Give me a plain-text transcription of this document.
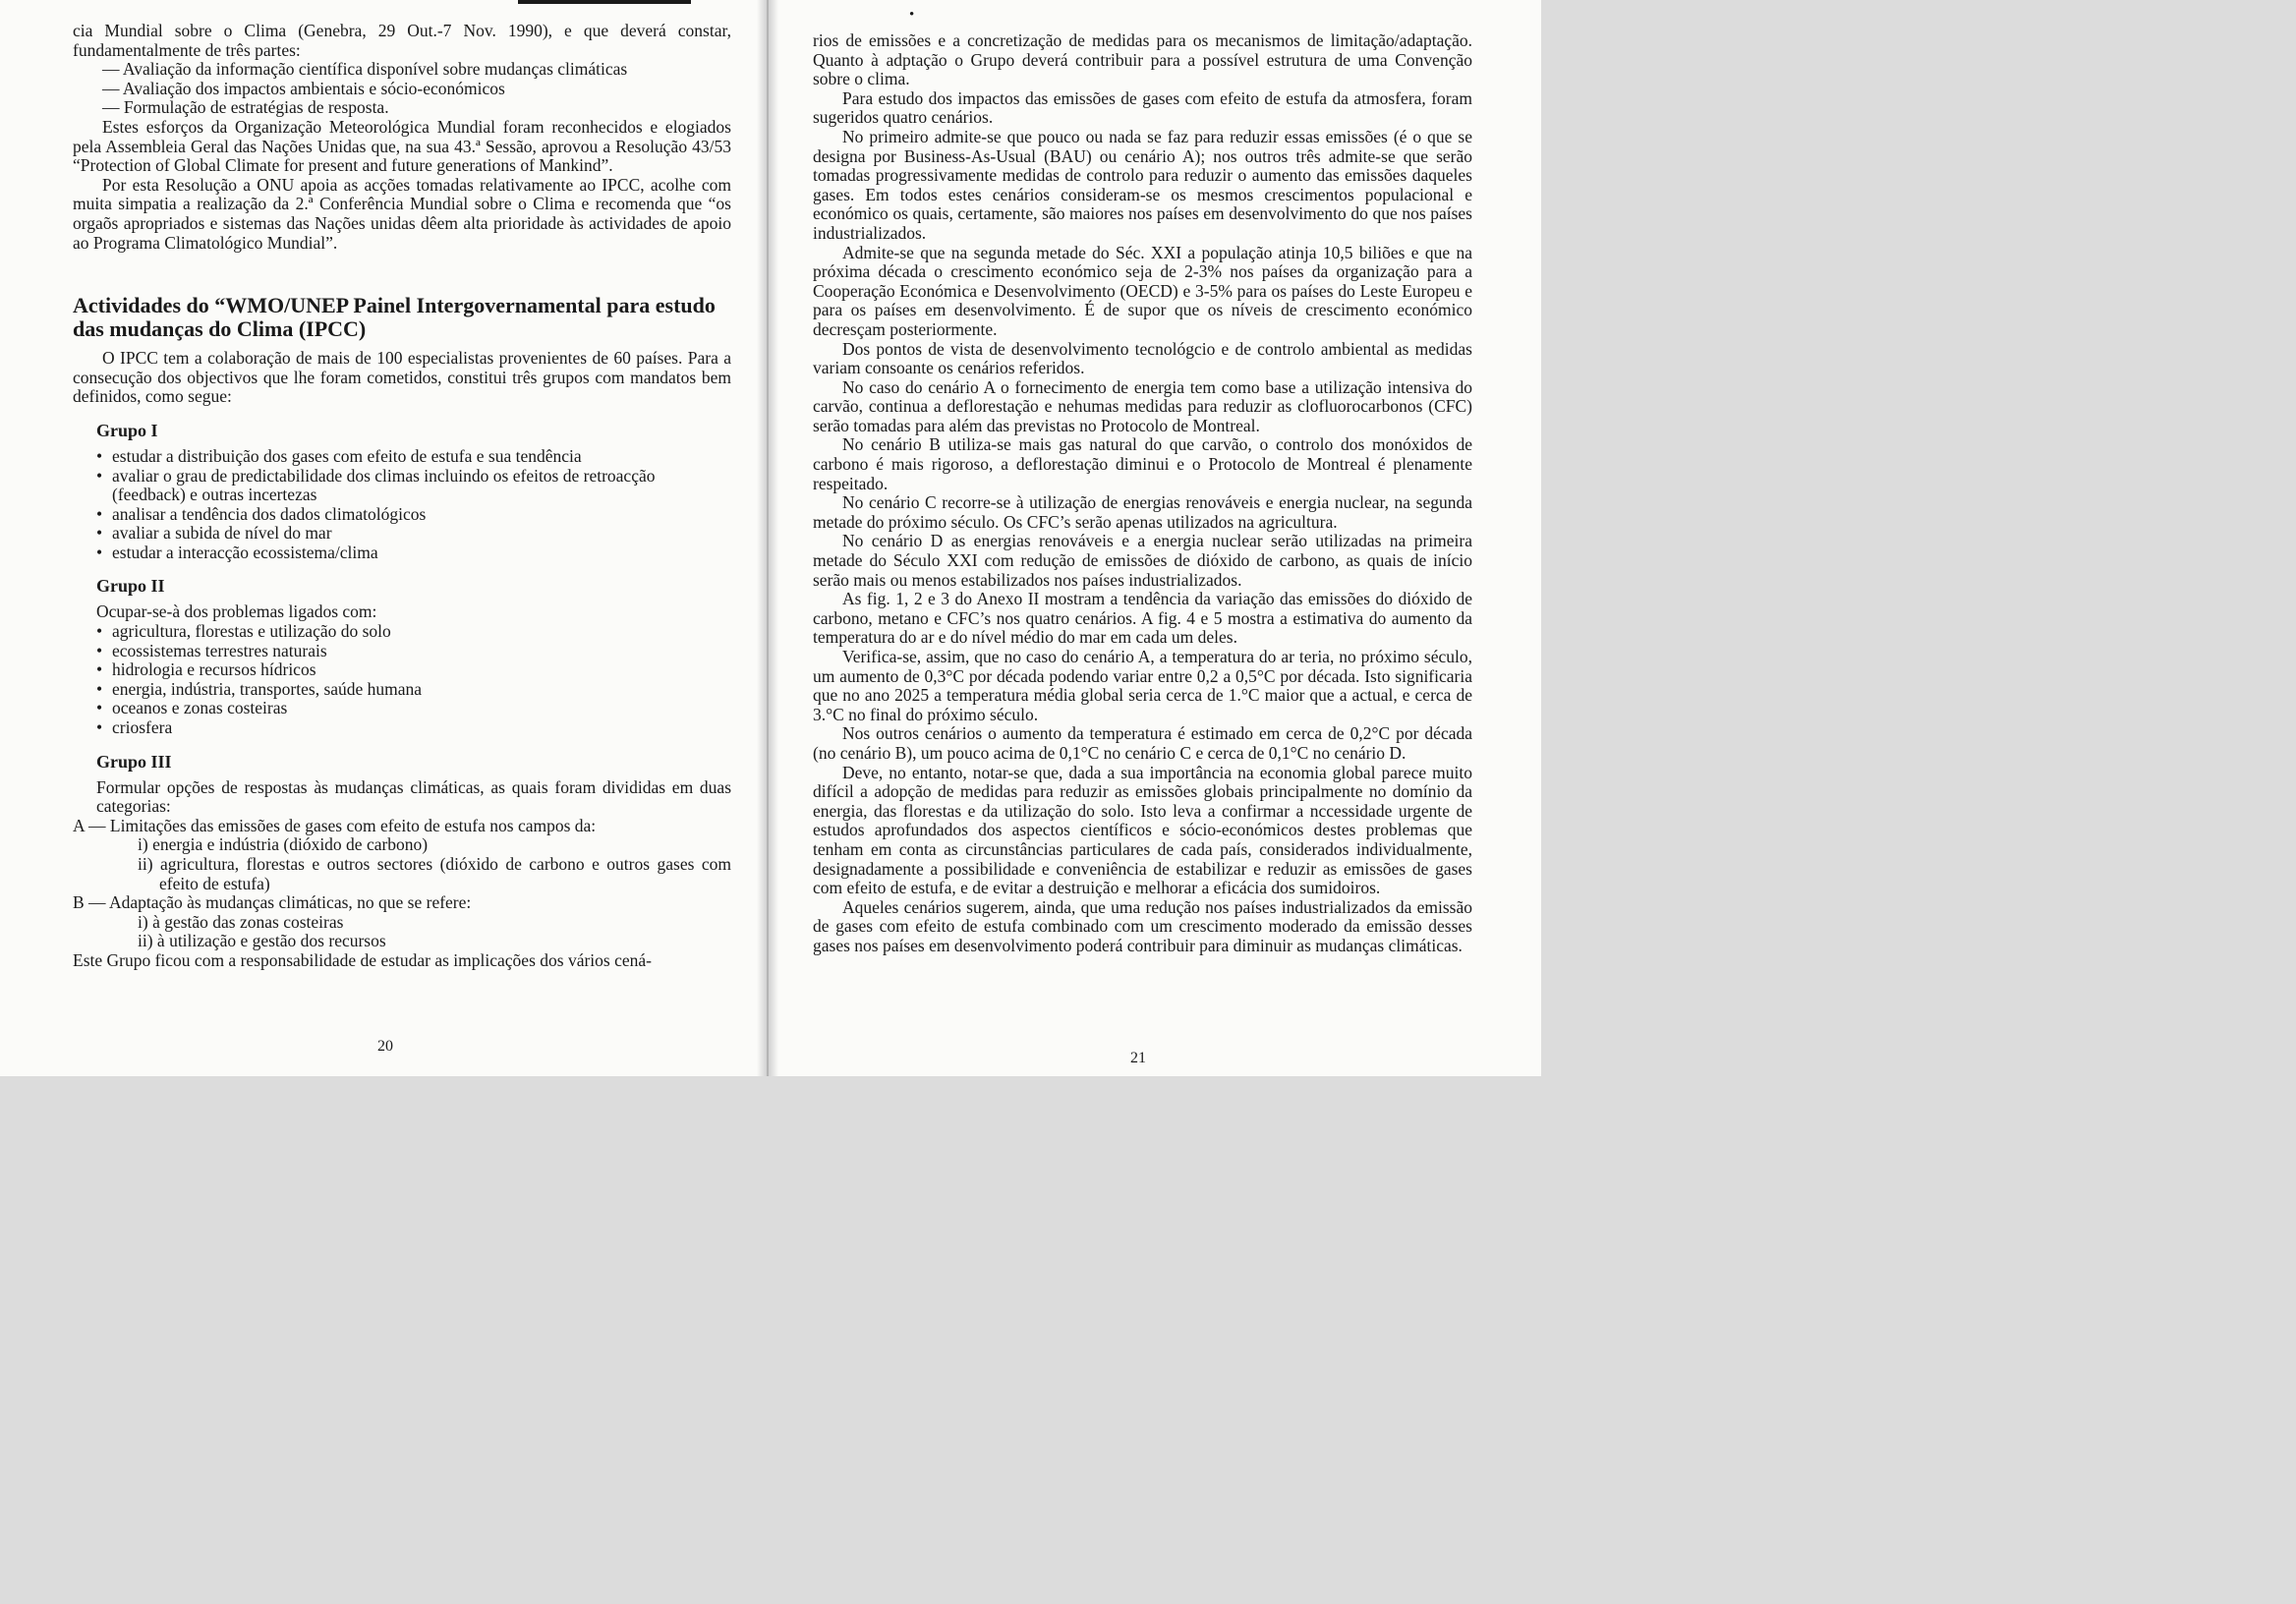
•

cia Mundial sobre o Clima (Genebra, 29 Out.-7 Nov. 1990), e que deverá constar, fundamentalmente de três partes:

— Avaliação da informação científica disponível sobre mudanças climáticas

— Avaliação dos impactos ambientais e sócio-económicos

— Formulação de estratégias de resposta.

Estes esforços da Organização Meteorológica Mundial foram reconhecidos e elogiados pela Assembleia Geral das Nações Unidas que, na sua 43.ª Sessão, aprovou a Resolução 43/53 “Protection of Global Climate for present and future generations of Mankind”.

Por esta Resolução a ONU apoia as acções tomadas relativamente ao IPCC, acolhe com muita simpatia a realização da 2.ª Conferência Mundial sobre o Clima e recomenda que “os orgaõs apropriados e sistemas das Nações unidas dêem alta prioridade às actividades de apoio ao Programa Climatológico Mundial”.

Actividades do “WMO/UNEP Painel Intergovernamental para estudo das mudanças do Clima (IPCC)

O IPCC tem a colaboração de mais de 100 especialistas provenientes de 60 países. Para a consecução dos objectivos que lhe foram cometidos, constitui três grupos com mandatos bem definidos, como segue:

Grupo I
• estudar a distribuição dos gases com efeito de estufa e sua tendência
• avaliar o grau de predictabilidade dos climas incluindo os efeitos de retroacção (feedback) e outras incertezas
• analisar a tendência dos dados climatológicos
• avaliar a subida de nível do mar
• estudar a interacção ecossistema/clima
Grupo II

Ocupar-se-à dos problemas ligados com:

• agricultura, florestas e utilização do solo
• ecossistemas terrestres naturais
• hidrologia e recursos hídricos
• energia, indústria, transportes, saúde humana
• oceanos e zonas costeiras
• criosfera
Grupo III

Formular opções de respostas às mudanças climáticas, as quais foram divididas em duas categorias:

A — Limitações das emissões de gases com efeito de estufa nos campos da:

i) energia e indústria (dióxido de carbono)

ii) agricultura, florestas e outros sectores (dióxido de carbono e outros gases com efeito de estufa)

B — Adaptação às mudanças climáticas, no que se refere:

i) à gestão das zonas costeiras

ii) à utilização e gestão dos recursos

Este Grupo ficou com a responsabilidade de estudar as implicações dos vários cená-

20

rios de emissões e a concretização de medidas para os mecanismos de limitação/adaptação. Quanto à adptação o Grupo deverá contribuir para a possível estrutura de uma Convenção sobre o clima.

Para estudo dos impactos das emissões de gases com efeito de estufa da atmosfera, foram sugeridos quatro cenários.

No primeiro admite-se que pouco ou nada se faz para reduzir essas emissões (é o que se designa por Business-As-Usual (BAU) ou cenário A); nos outros três admite-se que serão tomadas progressivamente medidas de controlo para reduzir o aumento das emissões daqueles gases. Em todos estes cenários consideram-se os mesmos crescimentos populacional e económico os quais, certamente, são maiores nos países em desenvolvimento do que nos países industrializados.

Admite-se que na segunda metade do Séc. XXI a população atinja 10,5 biliões e que na próxima década o crescimento económico seja de 2-3% nos países da organização para a Cooperação Económica e Desenvolvimento (OECD) e 3-5% para os países do Leste Europeu e para os países em desenvolvimento. É de supor que os níveis de crescimento económico decresçam posteriormente.

Dos pontos de vista de desenvolvimento tecnológcio e de controlo ambiental as medidas variam consoante os cenários referidos.

No caso do cenário A o fornecimento de energia tem como base a utilização intensiva do carvão, continua a deflorestação e nehumas medidas para reduzir as clofluorocarbonos (CFC) serão tomadas para além das previstas no Protocolo de Montreal.

No cenário B utiliza-se mais gas natural do que carvão, o controlo dos monóxidos de carbono é mais rigoroso, a deflorestação diminui e o Protocolo de Montreal é plenamente respeitado.

No cenário C recorre-se à utilização de energias renováveis e energia nuclear, na segunda metade do próximo século. Os CFC’s serão apenas utilizados na agricultura.

No cenário D as energias renováveis e a energia nuclear serão utilizadas na primeira metade do Século XXI com redução de emissões de dióxido de carbono, as quais de início serão mais ou menos estabilizados nos países industrializados.

As fig. 1, 2 e 3 do Anexo II mostram a tendência da variação das emissões do dióxido de carbono, metano e CFC’s nos quatro cenários. A fig. 4 e 5 mostra a estimativa do aumento da temperatura do ar e do nível médio do mar em cada um deles.

Verifica-se, assim, que no caso do cenário A, a temperatura do ar teria, no próximo século, um aumento de 0,3°C por década podendo variar entre 0,2 a 0,5°C por década. Isto significaria que no ano 2025 a temperatura média global seria cerca de 1.°C maior que a actual, e cerca de 3.°C no final do próximo século.

Nos outros cenários o aumento da temperatura é estimado em cerca de 0,2°C por década (no cenário B), um pouco acima de 0,1°C no cenário C e cerca de 0,1°C no cenário D.

Deve, no entanto, notar-se que, dada a sua importância na economia global parece muito difícil a adopção de medidas para reduzir as emissões globais principalmente no domínio da energia, das florestas e da utilização do solo. Isto leva a confirmar a nccessidade urgente de estudos aprofundados dos aspectos científicos e sócio-económicos destes problemas que tenham em conta as circunstâncias particulares de cada país, considerados individualmente, designadamente a possibilidade e conveniência de estabilizar e reduzir as emissões de gases com efeito de estufa, e de evitar a destruição e melhorar a eficácia dos sumidoiros.

Aqueles cenários sugerem, ainda, que uma redução nos países industrializados da emissão de gases com efeito de estufa combinado com um crescimento moderado da emissão desses gases nos países em desenvolvimento poderá contribuir para diminuir as mudanças climáticas.

21
